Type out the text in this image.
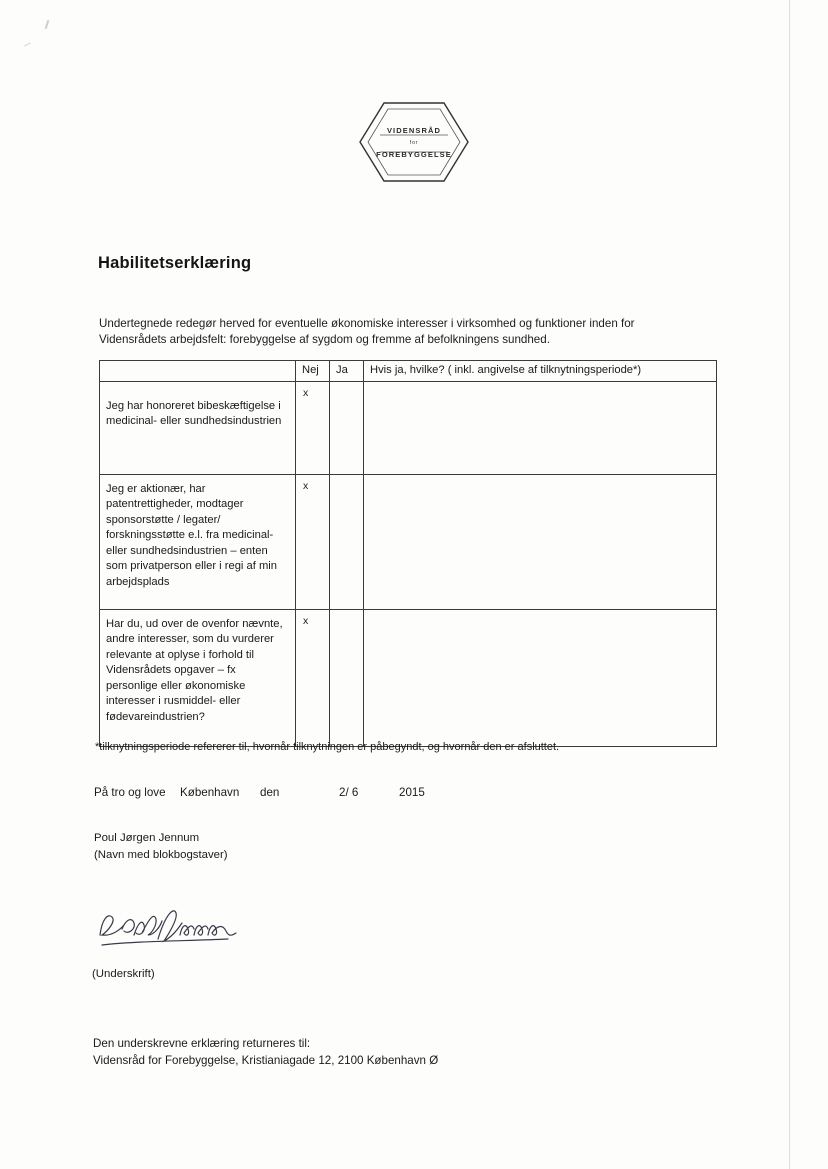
VIDENSRÅD
for
FOREBYGGELSE
Habilitetserklæring
Undertegnede redegør herved for eventuelle økonomiske interesser i virksomhed og funktioner inden for Vidensrådets arbejdsfelt: forebyggelse af sygdom og fremme af befolkningens sundhed.
	Nej	Ja	Hvis ja, hvilke? ( inkl. angivelse af tilknytningsperiode*)

Jeg har honoreret bibeskæftigelse i medicinal- eller sundhedsindustrien	x		

Jeg er aktionær, har patentrettigheder, modtager sponsorstøtte / legater/ forskningsstøtte e.l. fra medicinal- eller sundhedsindustrien – enten som privatperson eller i regi af min arbejdsplads	x		

Har du, ud over de ovenfor nævnte, andre interesser, som du vurderer relevante at oplyse i forhold til Vidensrådets opgaver – fx personlige eller økonomiske interesser i rusmiddel- eller fødevareindustrien?	x		

*tilknytningsperiode refererer til, hvornår tilknytningen er påbegyndt, og hvornår den er afsluttet.
På tro og love København den	2/ 6	2015
Poul Jørgen Jennum
(Navn med blokbogstaver)
(Underskrift)
Den underskrevne erklæring returneres til:
Vidensråd for Forebyggelse, Kristianiagade 12, 2100 København Ø
